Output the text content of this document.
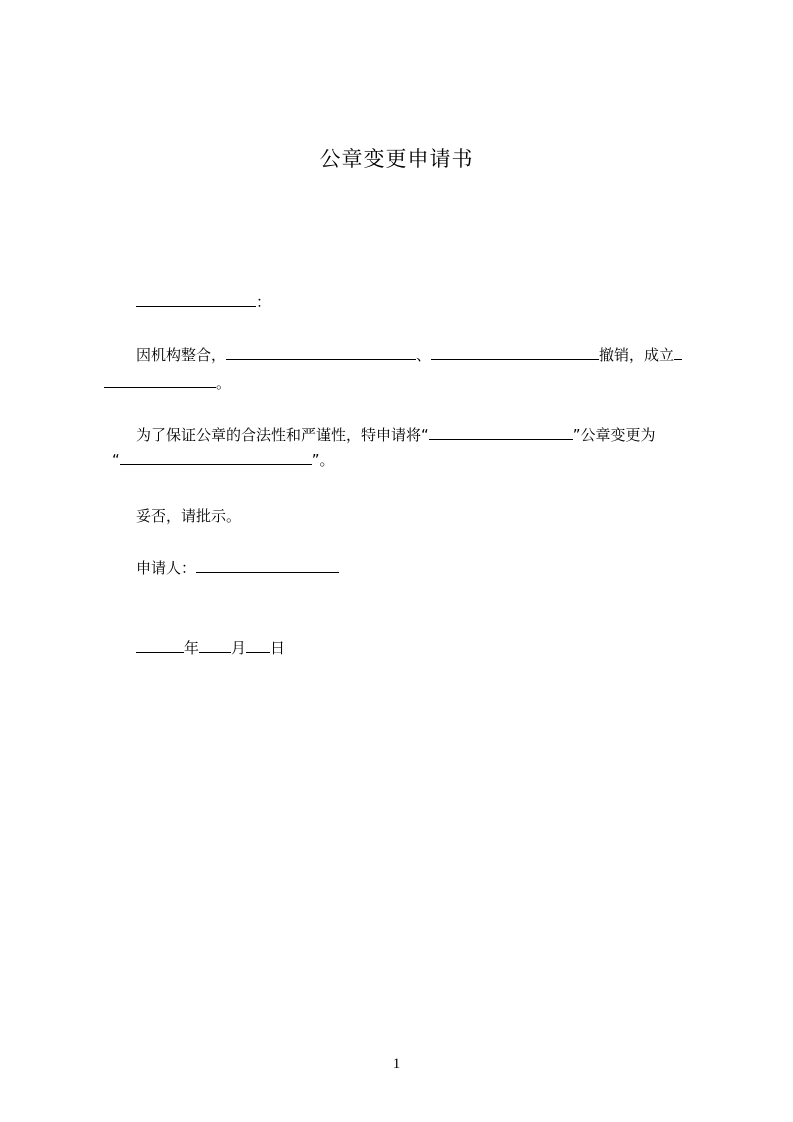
公章变更申请书
：
因机构整合，	、	撤销，成立
。
为了保证公章的合法性和严谨性，特申请将“	”公章变更为
“	”。
妥否，请批示。
申请人：
年 月 日
1
